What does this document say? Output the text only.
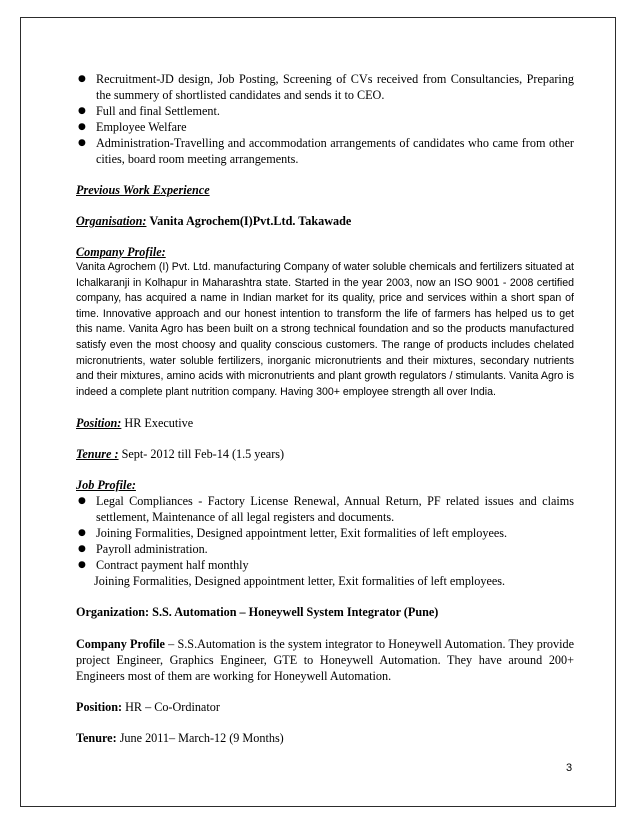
● Recruitment-JD design, Job Posting, Screening of CVs received from Consultancies, Preparing the summery of shortlisted candidates and sends it to CEO.
● Full and final Settlement.
● Employee Welfare
● Administration-Travelling and accommodation arrangements of candidates who came from other cities, board room meeting arrangements.
Previous Work Experience
Organisation: Vanita Agrochem(I)Pvt.Ltd. Takawade
Company Profile:
Vanita Agrochem (I) Pvt. Ltd. manufacturing Company of water soluble chemicals and fertilizers situated at Ichalkaranji in Kolhapur in Maharashtra state. Started in the year 2003, now an ISO 9001 - 2008 certified company, has acquired a name in Indian market for its quality, price and services within a short span of time. Innovative approach and our honest intention to transform the life of farmers has helped us to get this name. Vanita Agro has been built on a strong technical foundation and so the products manufactured satisfy even the most choosy and quality conscious customers. The range of products includes chelated micronutrients, water soluble fertilizers, inorganic micronutrients and their mixtures, secondary nutrients and their mixtures, amino acids with micronutrients and plant growth regulators / stimulants. Vanita Agro is indeed a complete plant nutrition company. Having 300+ employee strength all over India.
Position: HR Executive
Tenure : Sept- 2012 till Feb-14 (1.5 years)
Job Profile:
● Legal Compliances - Factory License Renewal, Annual Return, PF related issues and claims settlement, Maintenance of all legal registers and documents.
● Joining Formalities, Designed appointment letter, Exit formalities of left employees.
● Payroll administration.
● Contract payment half monthly
Joining Formalities, Designed appointment letter, Exit formalities of left employees.
Organization: S.S. Automation – Honeywell System Integrator (Pune)
Company Profile – S.S.Automation is the system integrator to Honeywell Automation. They provide project Engineer, Graphics Engineer, GTE to Honeywell Automation. They have around 200+ Engineers most of them are working for Honeywell Automation.
Position: HR – Co-Ordinator
Tenure: June 2011– March-12 (9 Months)
3
